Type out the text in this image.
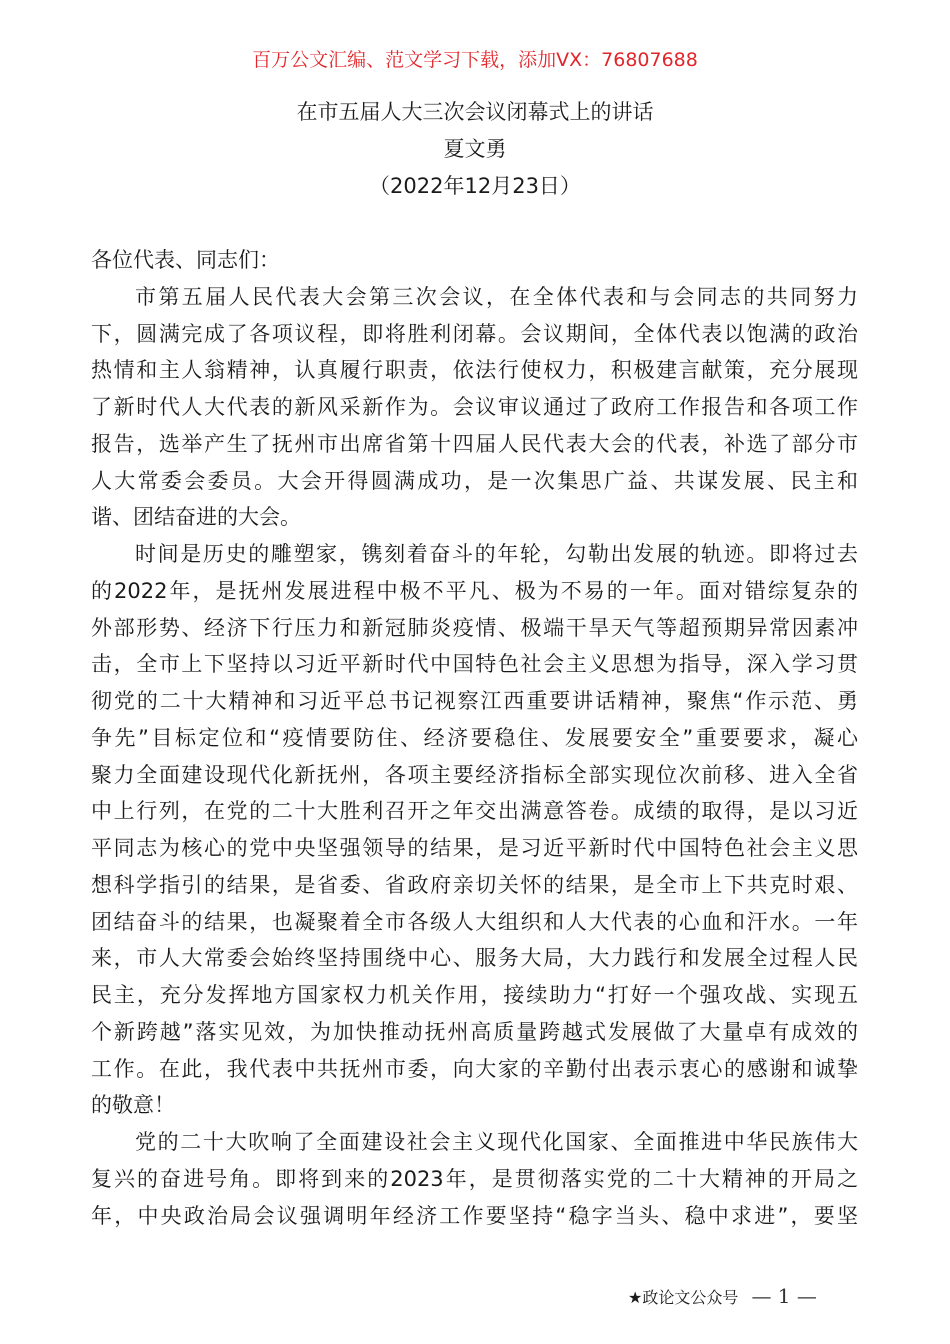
百万公文汇编、范文学习下载，添加VX：76807688
在市五届人大三次会议闭幕式上的讲话
夏文勇
（2022年12月23日）
各位代表、同志们：
市第五届人民代表大会第三次会议，在全体代表和与会同志的共同努力
下，圆满完成了各项议程，即将胜利闭幕。会议期间，全体代表以饱满的政治
热情和主人翁精神，认真履行职责，依法行使权力，积极建言献策，充分展现
了新时代人大代表的新风采新作为。会议审议通过了政府工作报告和各项工作
报告，选举产生了抚州市出席省第十四届人民代表大会的代表，补选了部分市
人大常委会委员。大会开得圆满成功，是一次集思广益、共谋发展、民主和
谐、团结奋进的大会。
时间是历史的雕塑家，镌刻着奋斗的年轮，勾勒出发展的轨迹。即将过去
的2022年，是抚州发展进程中极不平凡、极为不易的一年。面对错综复杂的
外部形势、经济下行压力和新冠肺炎疫情、极端干旱天气等超预期异常因素冲
击，全市上下坚持以习近平新时代中国特色社会主义思想为指导，深入学习贯
彻党的二十大精神和习近平总书记视察江西重要讲话精神，聚焦“作示范、勇
争先”目标定位和“疫情要防住、经济要稳住、发展要安全”重要要求，凝心
聚力全面建设现代化新抚州，各项主要经济指标全部实现位次前移、进入全省
中上行列，在党的二十大胜利召开之年交出满意答卷。成绩的取得，是以习近
平同志为核心的党中央坚强领导的结果，是习近平新时代中国特色社会主义思
想科学指引的结果，是省委、省政府亲切关怀的结果，是全市上下共克时艰、
团结奋斗的结果，也凝聚着全市各级人大组织和人大代表的心血和汗水。一年
来，市人大常委会始终坚持围绕中心、服务大局，大力践行和发展全过程人民
民主，充分发挥地方国家权力机关作用，接续助力“打好一个强攻战、实现五
个新跨越”落实见效，为加快推动抚州高质量跨越式发展做了大量卓有成效的
工作。在此，我代表中共抚州市委，向大家的辛勤付出表示衷心的感谢和诚挚
的敬意！
党的二十大吹响了全面建设社会主义现代化国家、全面推进中华民族伟大
复兴的奋进号角。即将到来的2023年，是贯彻落实党的二十大精神的开局之
年，中央政治局会议强调明年经济工作要坚持“稳字当头、稳中求进”，要坚
★政论文公众号 — 1 —
